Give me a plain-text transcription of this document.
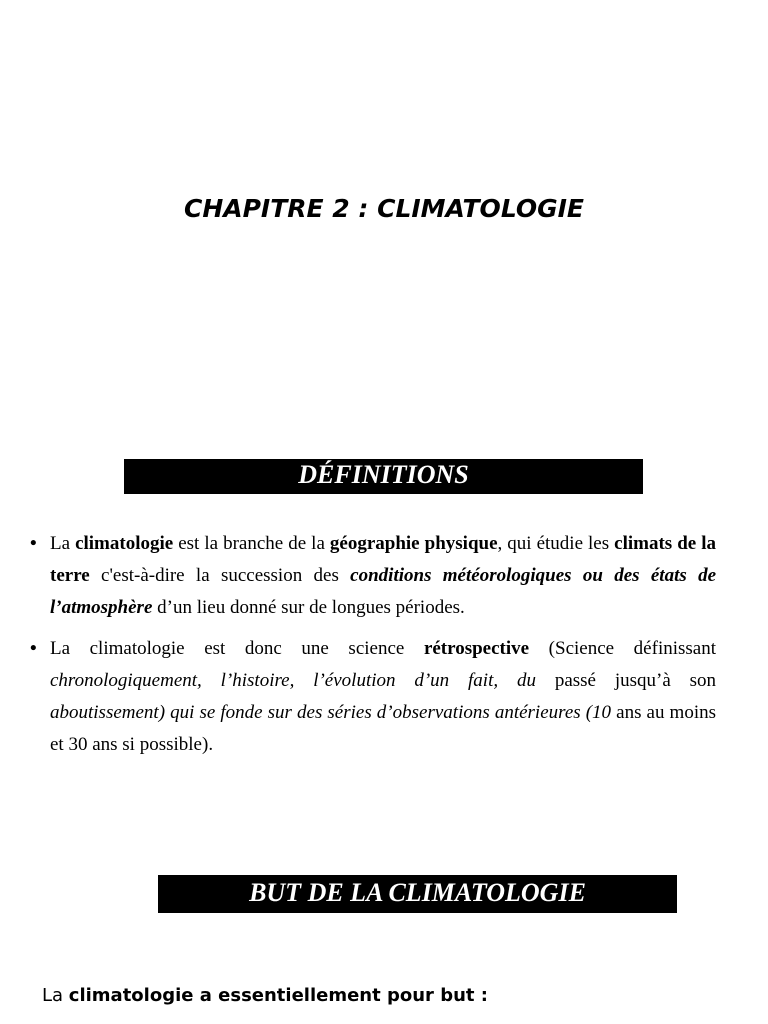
CHAPITRE 2 : CLIMATOLOGIE
DÉFINITIONS
• La climatologie est la branche de la géographie physique, qui étudie les climats de la terre c'est-à-dire la succession des conditions météorologiques ou des états de l’atmosphère d’un lieu donné sur de longues périodes.
• La climatologie est donc une science rétrospective (Science définissant chronologiquement, l’histoire, l’évolution d’un fait, du passé jusqu’à son aboutissement) qui se fonde sur des séries d’observations antérieures (10 ans au moins et 30 ans si possible).
BUT DE LA CLIMATOLOGIE

La climatologie a essentiellement pour but :
